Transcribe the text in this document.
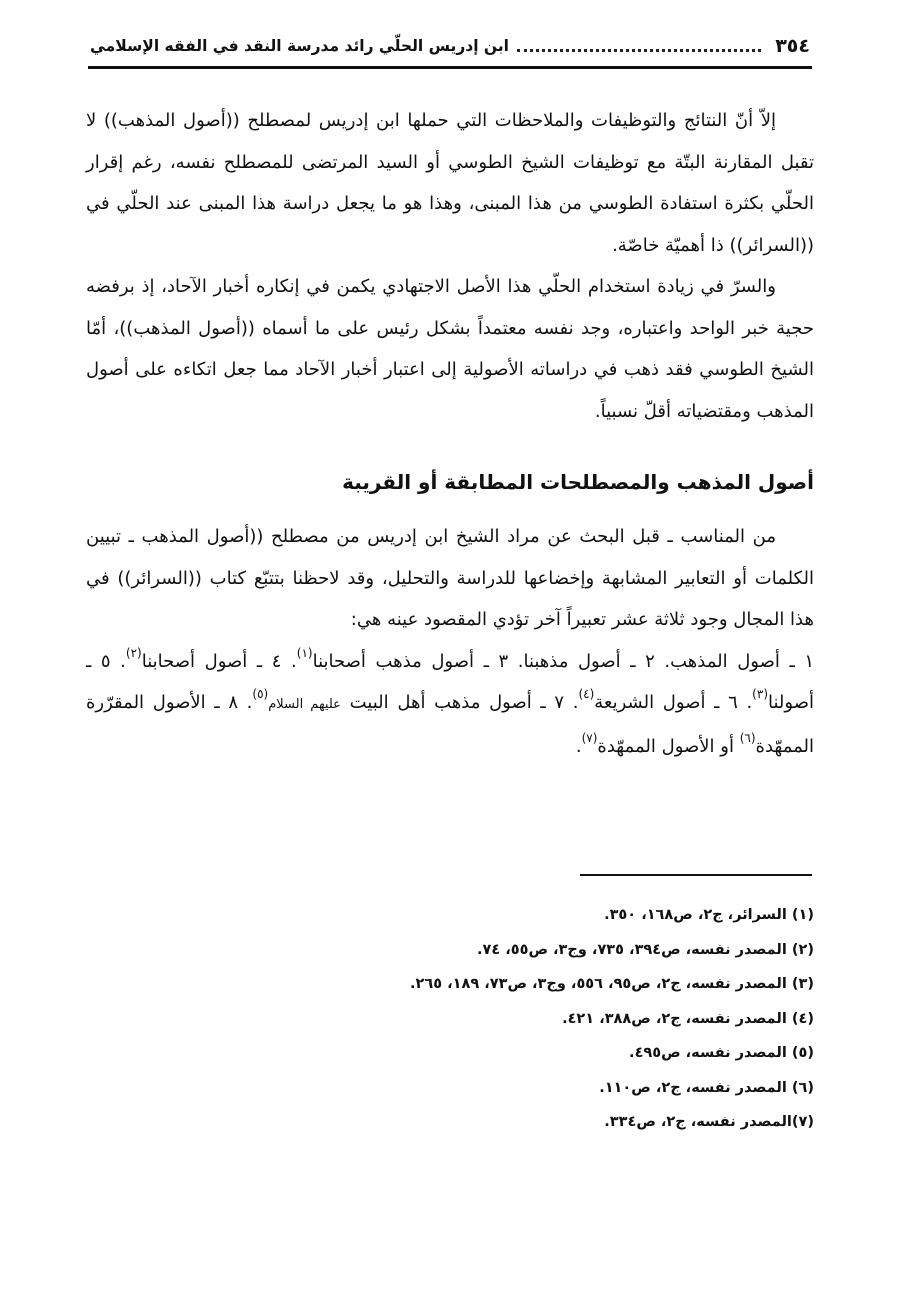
٣٥٤
ابن إدريس الحلّي رائد مدرسة النقد في الفقه الإسلامي

إلاّ أنّ النتائج والتوظيفات والملاحظات التي حملها ابن إدريس لمصطلح ((أصول المذهب)) لا تقبل المقارنة البتّة مع توظيفات الشيخ الطوسي أو السيد المرتضى للمصطلح نفسه، رغم إقرار الحلّي بكثرة استفادة الطوسي من هذا المبنى، وهذا هو ما يجعل دراسة هذا المبنى عند الحلّي في ((السرائر)) ذا أهميّة خاصّة.

والسرّ في زيادة استخدام الحلّي هذا الأصل الاجتهادي يكمن في إنكاره أخبار الآحاد، إذ برفضه حجية خبر الواحد واعتباره، وجد نفسه معتمداً بشكل رئيس على ما أسماه ((أصول المذهب))، أمّا الشيخ الطوسي فقد ذهب في دراساته الأصولية إلى اعتبار أخبار الآحاد مما جعل اتكاءه على أصول المذهب ومقتضياته أقلّ نسبياً.

أصول المذهب والمصطلحات المطابقة أو القريبة

من المناسب ـ قبل البحث عن مراد الشيخ ابن إدريس من مصطلح ((أصول المذهب ـ تبيين الكلمات أو التعابير المشابهة وإخضاعها للدراسة والتحليل، وقد لاحظنا بتتبّع كتاب ((السرائر)) في هذا المجال وجود ثلاثة عشر تعبيراً آخر تؤدي المقصود عينه هي:

١ ـ أصول المذهب. ٢ ـ أصول مذهبنا. ٣ ـ أصول مذهب أصحابنا$^{(١)}$. ٤ ـ أصول أصحابنا$^{(٢)}$. ٥ ـ أصولنا$^{(٣)}$. ٦ ـ أصول الشريعة$^{(٤)}$. ٧ ـ أصول مذهب أهل البيت عليهم السلام$^{(٥)}$. ٨ ـ الأصول المقرّرة الممهّدة$^{(٦)}$ أو الأصول الممهّدة$^{(٧)}$.

(١) السرائر، ج٢، ص١٦٨، ٣٥٠.
(٢) المصدر نفسه، ص٣٩٤، ٧٣٥، وج٣، ص٥٥، ٧٤.
(٣) المصدر نفسه، ج٢، ص٩٥، ٥٥٦، وج٣، ص٧٣، ١٨٩، ٢٦٥.
(٤) المصدر نفسه، ج٢، ص٣٨٨، ٤٢١.
(٥) المصدر نفسه، ص٤٩٥.
(٦) المصدر نفسه، ج٢، ص١١٠.
(٧)المصدر نفسه، ج٢، ص٣٣٤.
